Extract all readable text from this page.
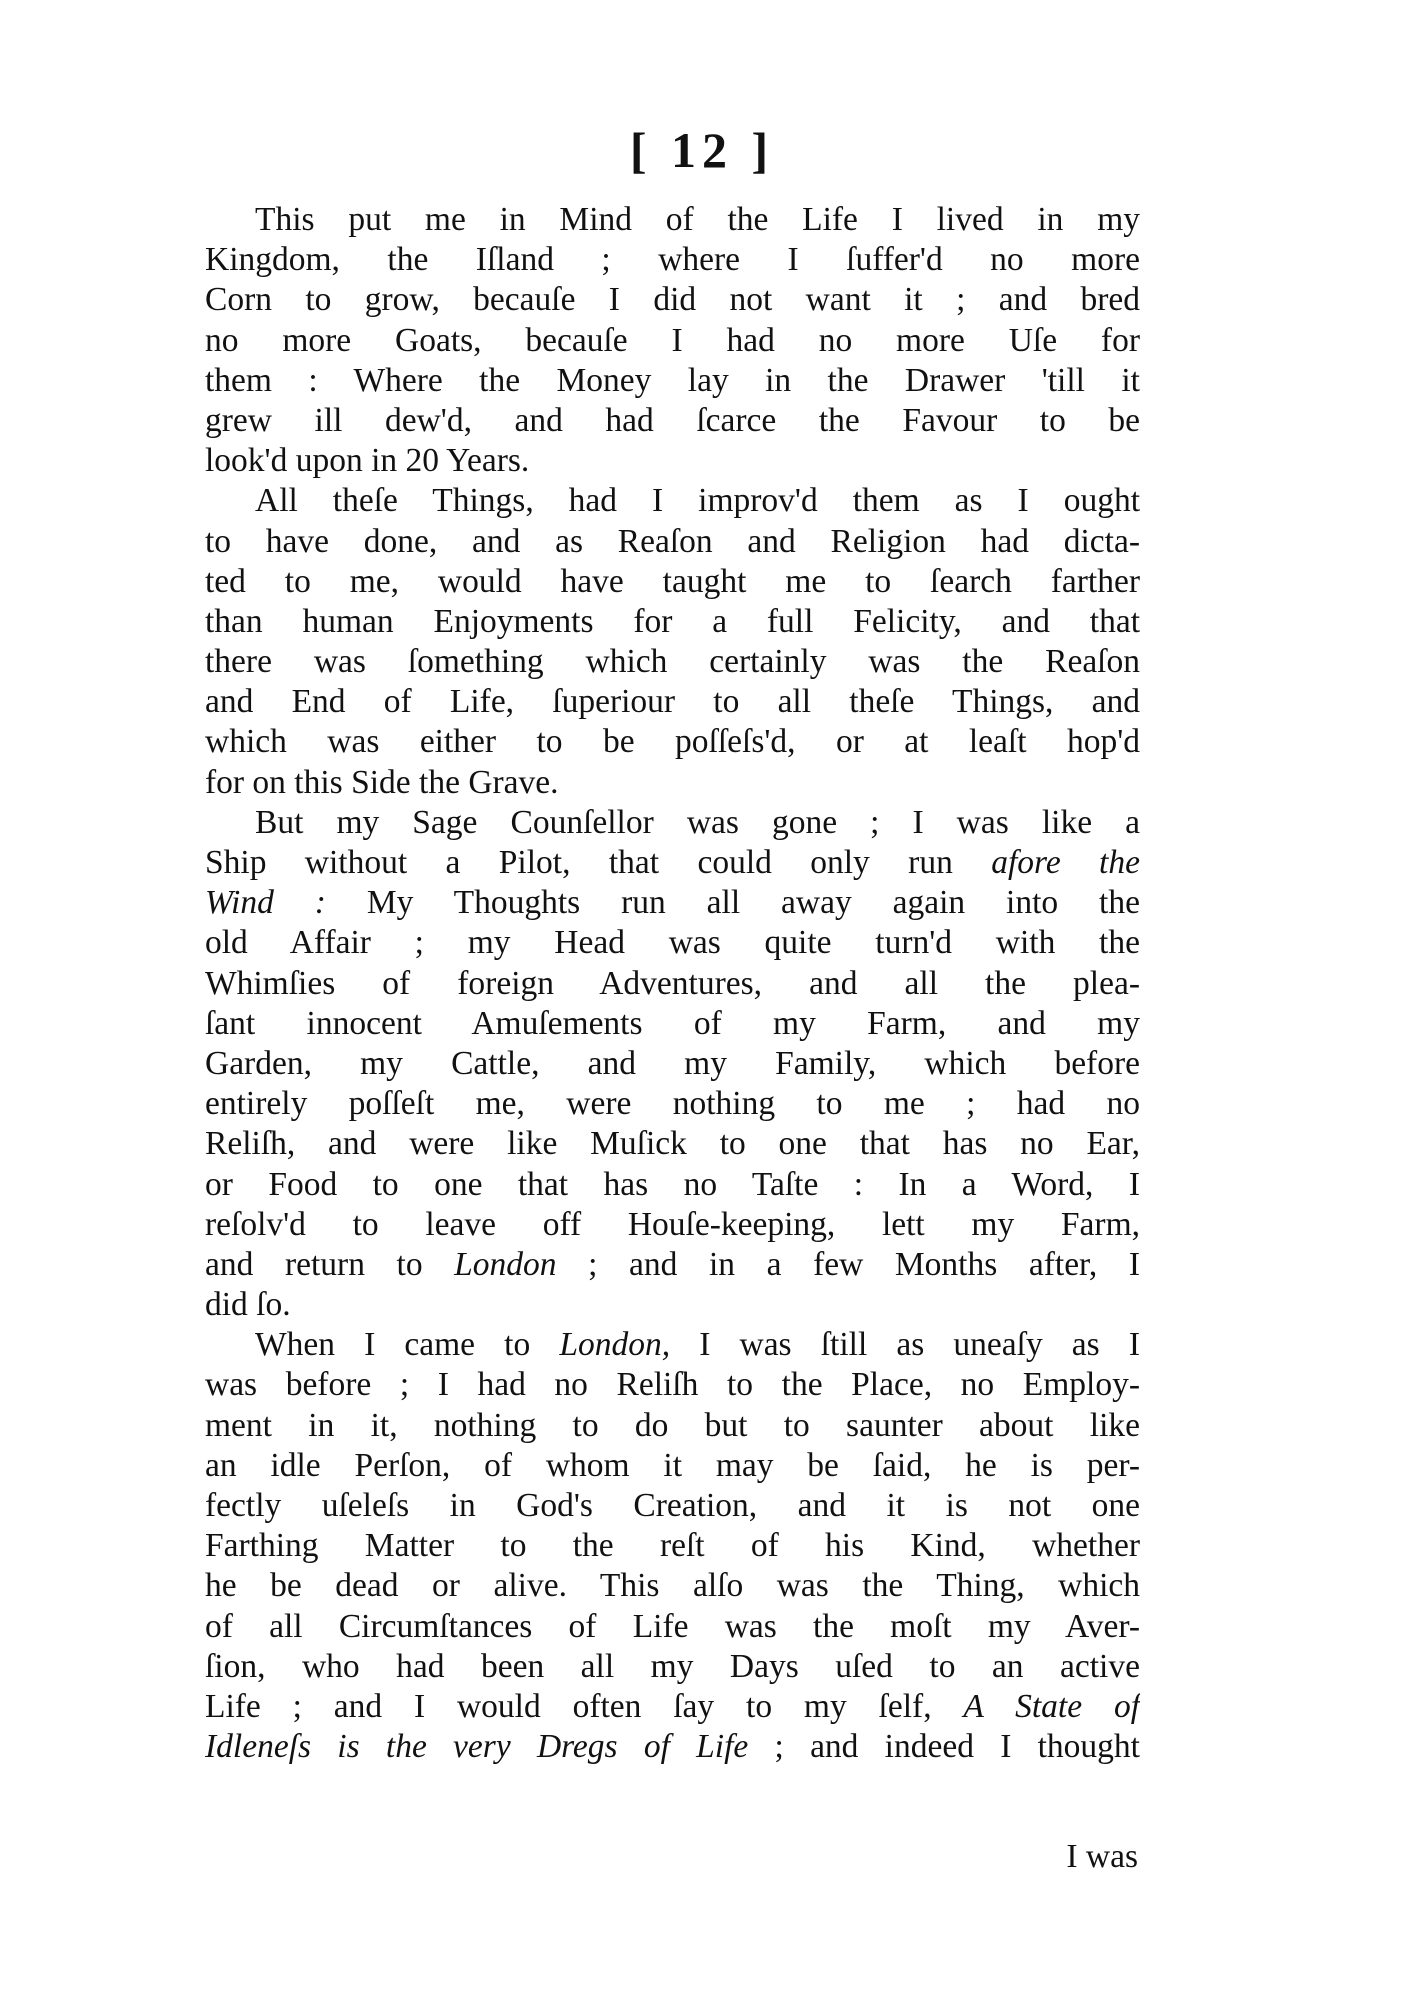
[ 12 ]
This put me in Mind of the Life I lived in my
Kingdom, the Iſland ; where I ſuffer'd no more
Corn to grow, becauſe I did not want it ; and bred
no more Goats, becauſe I had no more Uſe for
them : Where the Money lay in the Drawer 'till it
grew ill dew'd, and had ſcarce the Favour to be
look'd upon in 20 Years.
All theſe Things, had I improv'd them as I ought
to have done, and as Reaſon and Religion had dicta-
ted to me, would have taught me to ſearch farther
than human Enjoyments for a full Felicity, and that
there was ſomething which certainly was the Reaſon
and End of Life, ſuperiour to all theſe Things, and
which was either to be poſſeſs'd, or at leaſt hop'd
for on this Side the Grave.
But my Sage Counſellor was gone ; I was like a
Ship without a Pilot, that could only run afore the
Wind : My Thoughts run all away again into the
old Affair ; my Head was quite turn'd with the
Whimſies of foreign Adventures, and all the plea-
ſant innocent Amuſements of my Farm, and my
Garden, my Cattle, and my Family, which before
entirely poſſeſt me, were nothing to me ; had no
Reliſh, and were like Muſick to one that has no Ear,
or Food to one that has no Taſte : In a Word, I
reſolv'd to leave off Houſe-keeping, lett my Farm,
and return to London ; and in a few Months after, I
did ſo.
When I came to London, I was ſtill as uneaſy as I
was before ; I had no Reliſh to the Place, no Employ-
ment in it, nothing to do but to saunter about like
an idle Perſon, of whom it may be ſaid, he is per-
fectly uſeleſs in God's Creation, and it is not one
Farthing Matter to the reſt of his Kind, whether
he be dead or alive. This alſo was the Thing, which
of all Circumſtances of Life was the moſt my Aver-
ſion, who had been all my Days uſed to an active
Life ; and I would often ſay to my ſelf, A State of
Idleneſs is the very Dregs of Life ; and indeed I thought
I was
